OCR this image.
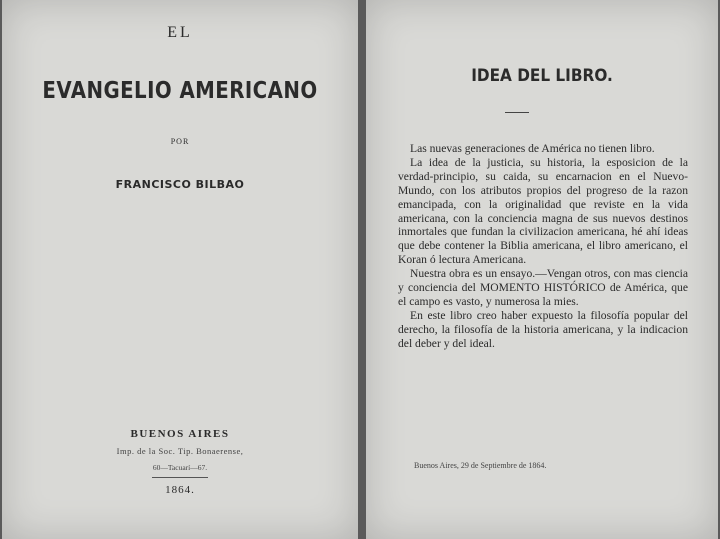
EL
EVANGELIO AMERICANO
POR
FRANCISCO BILBAO
BUENOS AIRES
Imp. de la Soc. Tip. Bonaerense,
60—Tacuarí—67.
1864.
IDEA DEL LIBRO.

Las nuevas generaciones de América no tienen libro.

La idea de la justicia, su historia, la esposicion de la verdad-principio, su caida, su encarnacion en el Nuevo-Mundo, con los atributos propios del progreso de la razon emancipada, con la originalidad que reviste en la vida americana, con la conciencia magna de sus nuevos destinos inmortales que fundan la civilizacion americana, hé ahí ideas que debe contener la Biblia americana, el libro americano, el Koran ó lectura Americana.

Nuestra obra es un ensayo.—Vengan otros, con mas ciencia y conciencia del MOMENTO HISTÓRICO de América, que el campo es vasto, y numerosa la mies.

En este libro creo haber expuesto la filosofía popular del derecho, la filosofía de la historia americana, y la indicacion del deber y del ideal.

Buenos Aires, 29 de Septiembre de 1864.
